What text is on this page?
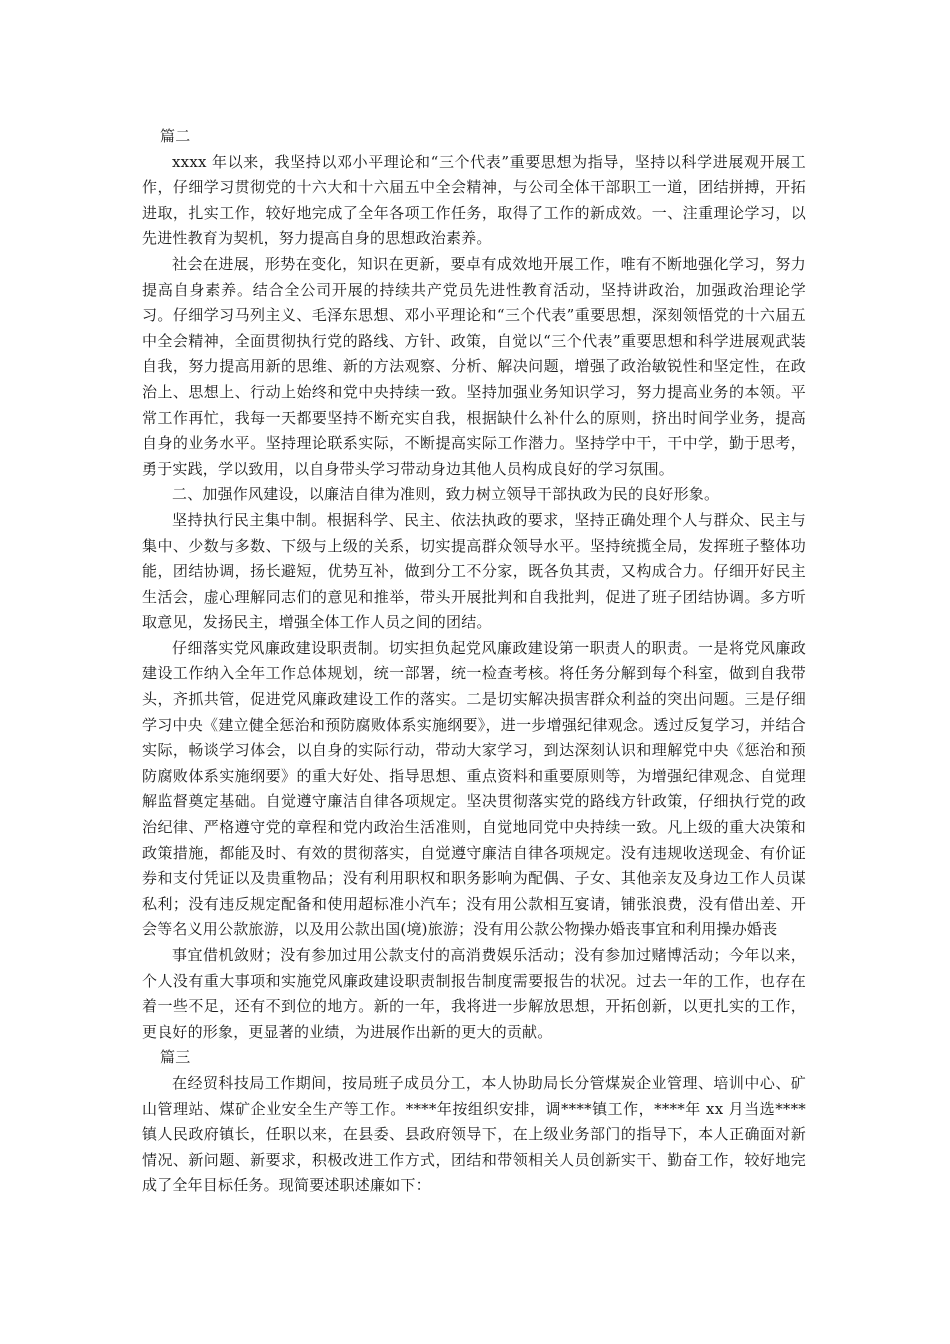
篇二

xxxx 年以来，我坚持以邓小平理论和“三个代表”重要思想为指导，坚持以科学进展观开展工作，仔细学习贯彻党的十六大和十六届五中全会精神，与公司全体干部职工一道，团结拼搏，开拓进取，扎实工作，较好地完成了全年各项工作任务，取得了工作的新成效。一、注重理论学习，以先进性教育为契机，努力提高自身的思想政治素养。

社会在进展，形势在变化，知识在更新，要卓有成效地开展工作，唯有不断地强化学习，努力提高自身素养。结合全公司开展的持续共产党员先进性教育活动，坚持讲政治，加强政治理论学习。仔细学习马列主义、毛泽东思想、邓小平理论和“三个代表”重要思想，深刻领悟党的十六届五中全会精神，全面贯彻执行党的路线、方针、政策，自觉以“三个代表”重要思想和科学进展观武装自我，努力提高用新的思维、新的方法观察、分析、解决问题，增强了政治敏锐性和坚定性，在政治上、思想上、行动上始终和党中央持续一致。坚持加强业务知识学习，努力提高业务的本领。平常工作再忙，我每一天都要坚持不断充实自我，根据缺什么补什么的原则，挤出时间学业务，提高自身的业务水平。坚持理论联系实际，不断提高实际工作潜力。坚持学中干，干中学，勤于思考，勇于实践，学以致用，以自身带头学习带动身边其他人员构成良好的学习氛围。

二、加强作风建设，以廉洁自律为准则，致力树立领导干部执政为民的良好形象。

坚持执行民主集中制。根据科学、民主、依法执政的要求，坚持正确处理个人与群众、民主与集中、少数与多数、下级与上级的关系，切实提高群众领导水平。坚持统揽全局，发挥班子整体功能，团结协调，扬长避短，优势互补，做到分工不分家，既各负其责，又构成合力。仔细开好民主生活会，虚心理解同志们的意见和推举，带头开展批判和自我批判，促进了班子团结协调。多方听取意见，发扬民主，增强全体工作人员之间的团结。

仔细落实党风廉政建设职责制。切实担负起党风廉政建设第一职责人的职责。一是将党风廉政建设工作纳入全年工作总体规划，统一部署，统一检查考核。将任务分解到每个科室，做到自我带头，齐抓共管，促进党风廉政建设工作的落实。二是切实解决损害群众利益的突出问题。三是仔细学习中央《建立健全惩治和预防腐败体系实施纲要》，进一步增强纪律观念。透过反复学习，并结合实际，畅谈学习体会，以自身的实际行动，带动大家学习，到达深刻认识和理解党中央《惩治和预防腐败体系实施纲要》的重大好处、指导思想、重点资料和重要原则等，为增强纪律观念、自觉理解监督奠定基础。自觉遵守廉洁自律各项规定。坚决贯彻落实党的路线方针政策，仔细执行党的政治纪律、严格遵守党的章程和党内政治生活准则，自觉地同党中央持续一致。凡上级的重大决策和政策措施，都能及时、有效的贯彻落实，自觉遵守廉洁自律各项规定。没有违规收送现金、有价证券和支付凭证以及贵重物品；没有利用职权和职务影响为配偶、子女、其他亲友及身边工作人员谋私利；没有违反规定配备和使用超标准小汽车；没有用公款相互宴请，铺张浪费，没有借出差、开会等名义用公款旅游，以及用公款出国(境)旅游；没有用公款公物操办婚丧事宜和利用操办婚丧

事宜借机敛财；没有参加过用公款支付的高消费娱乐活动；没有参加过赌博活动；今年以来，个人没有重大事项和实施党风廉政建设职责制报告制度需要报告的状况。过去一年的工作，也存在着一些不足，还有不到位的地方。新的一年，我将进一步解放思想，开拓创新，以更扎实的工作，更良好的形象，更显著的业绩，为进展作出新的更大的贡献。

篇三

在经贸科技局工作期间，按局班子成员分工，本人协助局长分管煤炭企业管理、培训中心、矿山管理站、煤矿企业安全生产等工作。****年按组织安排，调****镇工作，****年 xx 月当选****镇人民政府镇长，任职以来，在县委、县政府领导下，在上级业务部门的指导下，本人正确面对新情况、新问题、新要求，积极改进工作方式，团结和带领相关人员创新实干、勤奋工作，较好地完成了全年目标任务。现简要述职述廉如下：
